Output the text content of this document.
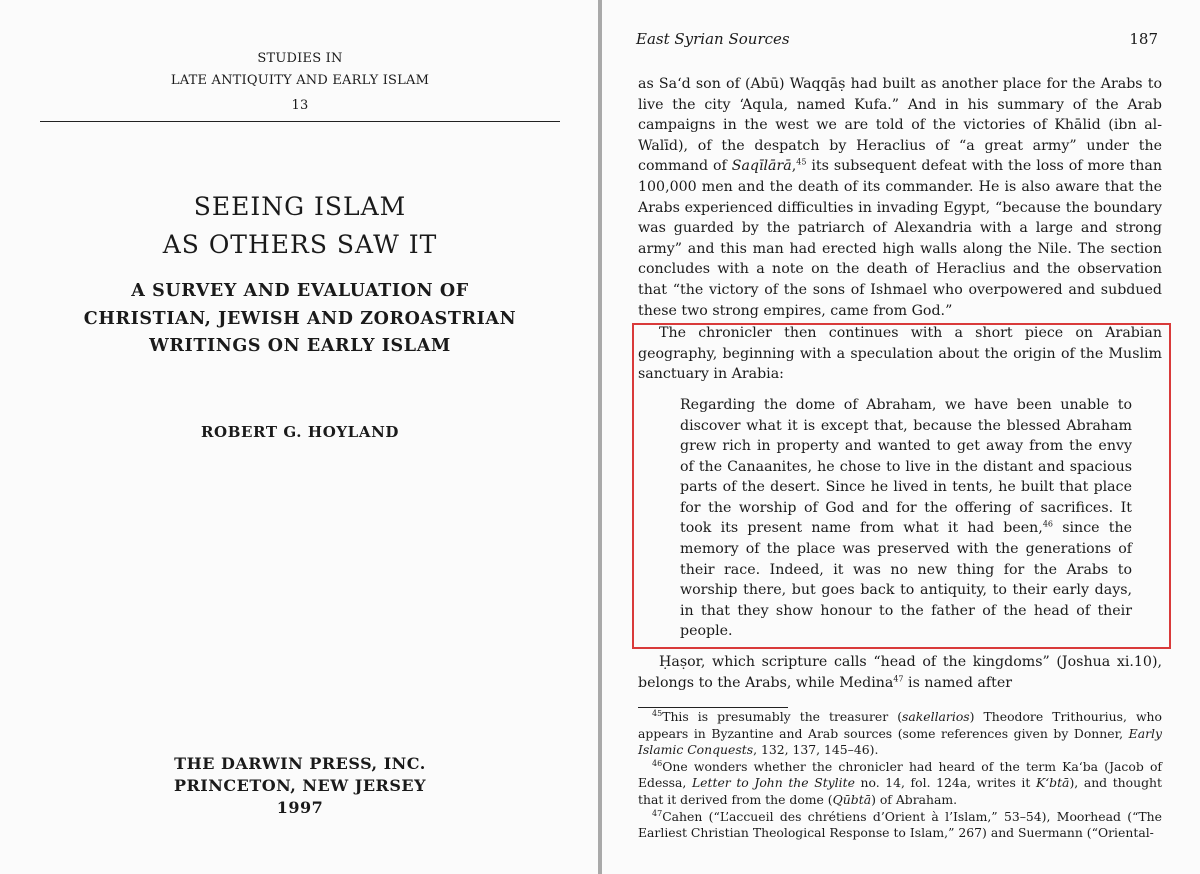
STUDIES IN
LATE ANTIQUITY AND EARLY ISLAM
13
SEEING ISLAM
AS OTHERS SAW IT
A SURVEY AND EVALUATION OF
CHRISTIAN, JEWISH AND ZOROASTRIAN
WRITINGS ON EARLY ISLAM
ROBERT G. HOYLAND
THE DARWIN PRESS, INC.
PRINCETON, NEW JERSEY
1997
East Syrian Sources	187

as Sa‘d son of (Abū) Waqqāṣ had built as another place for the Arabs to live the city ‘Aqula, named Kufa.” And in his summary of the Arab campaigns in the west we are told of the victories of Khālid (ibn al-Walīd), of the despatch by Heraclius of “a great army” under the command of Saqīlārā,$^{45}$ its subsequent defeat with the loss of more than 100,000 men and the death of its commander. He is also aware that the Arabs experienced difficulties in invading Egypt, “because the boundary was guarded by the patriarch of Alexandria with a large and strong army” and this man had erected high walls along the Nile. The section concludes with a note on the death of Heraclius and the observation that “the victory of the sons of Ishmael who overpowered and subdued these two strong empires, came from God.”

The chronicler then continues with a short piece on Arabian geography, beginning with a speculation about the origin of the Muslim sanctuary in Arabia:

Regarding the dome of Abraham, we have been unable to discover what it is except that, because the blessed Abraham grew rich in property and wanted to get away from the envy of the Canaanites, he chose to live in the distant and spacious parts of the desert. Since he lived in tents, he built that place for the worship of God and for the offering of sacrifices. It took its present name from what it had been,$^{46}$ since the memory of the place was preserved with the generations of their race. Indeed, it was no new thing for the Arabs to worship there, but goes back to antiquity, to their early days, in that they show honour to the father of the head of their people.

Ḥaṣor, which scripture calls “head of the kingdoms” (Joshua xi.10), belongs to the Arabs, while Medina$^{47}$ is named after

$^{45}$This is presumably the treasurer (sakellarios) Theodore Trithourius, who appears in Byzantine and Arab sources (some references given by Donner, Early Islamic Conquests, 132, 137, 145–46).

$^{46}$One wonders whether the chronicler had heard of the term Ka‘ba (Jacob of Edessa, Letter to John the Stylite no. 14, fol. 124a, writes it K‘btā), and thought that it derived from the dome (Qūbtā) of Abraham.

$^{47}$Cahen (“L’accueil des chrétiens d’Orient à l’Islam,” 53–54), Moorhead (“The Earliest Christian Theological Response to Islam,” 267) and Suermann (“Oriental-
